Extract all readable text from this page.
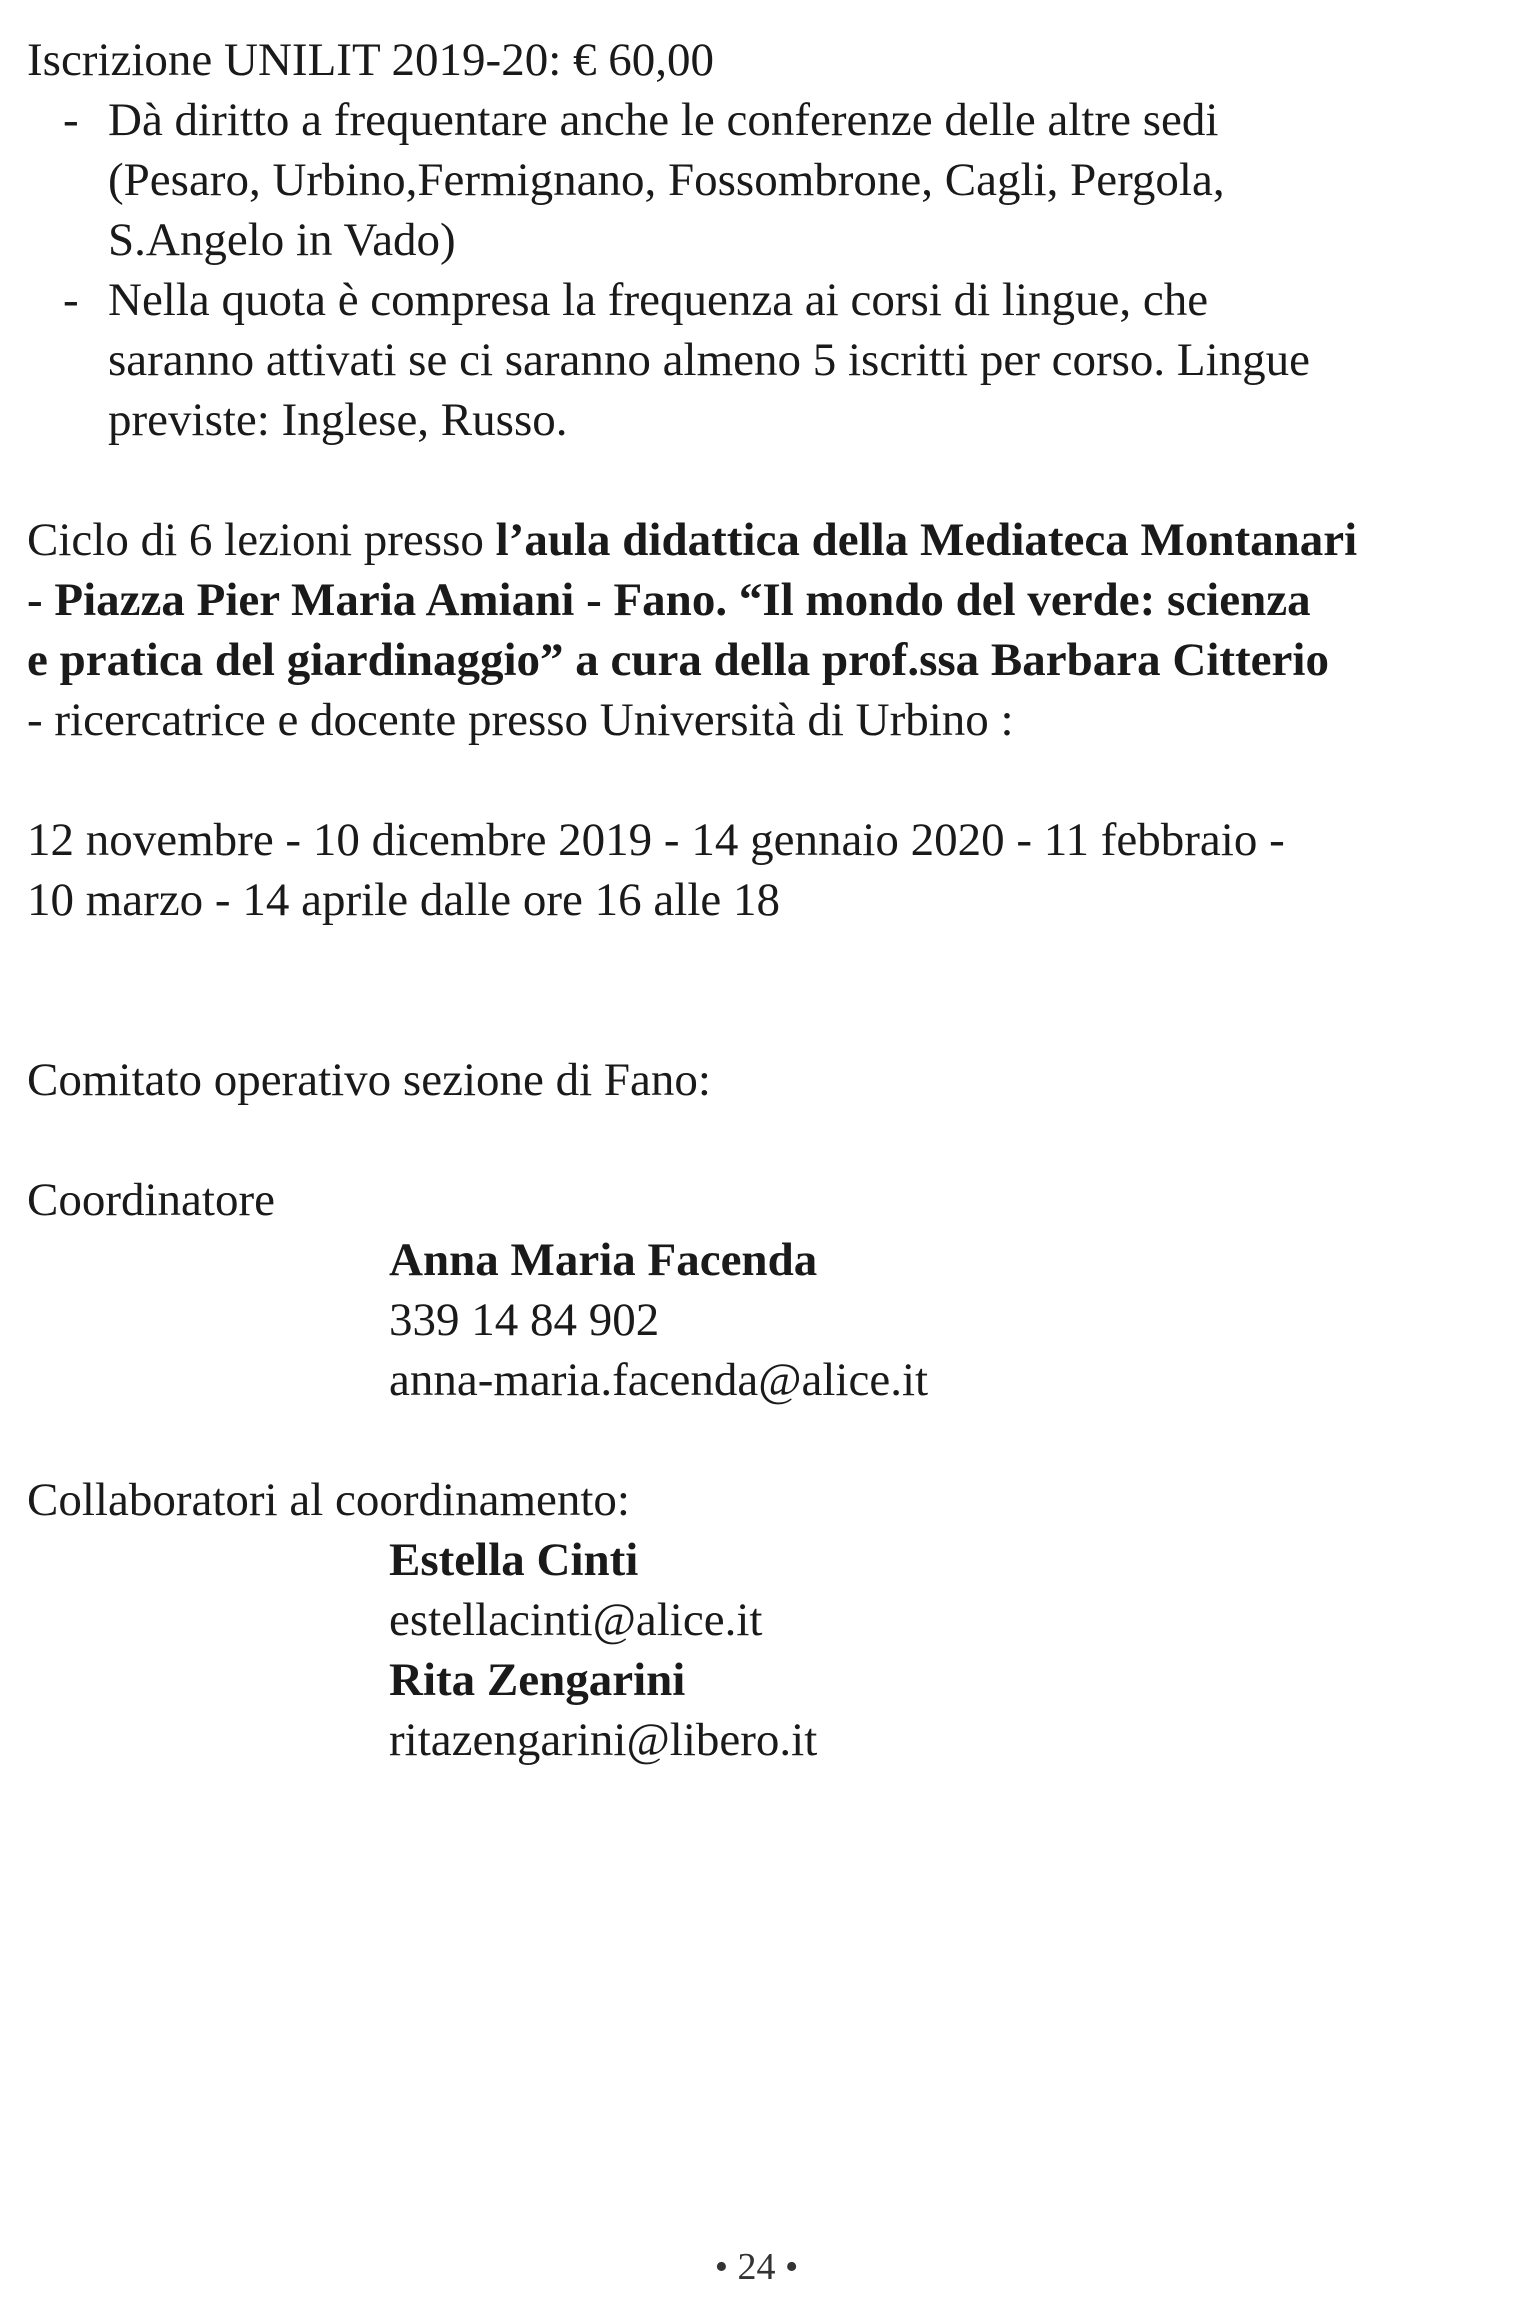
Iscrizione UNILIT 2019-20: € 60,00
- Dà diritto a frequentare anche le conferenze delle altre sedi
(Pesaro, Urbino,Fermignano, Fossombrone, Cagli, Pergola,
S.Angelo in Vado)
- Nella quota è compresa la frequenza ai corsi di lingue, che
saranno attivati se ci saranno almeno 5 iscritti per corso. Lingue
previste: Inglese, Russo.
Ciclo di 6 lezioni presso l’aula didattica della Mediateca Montanari
- Piazza Pier Maria Amiani - Fano. “Il mondo del verde: scienza
e pratica del giardinaggio” a cura della prof.ssa Barbara Citterio
- ricercatrice e docente presso Università di Urbino :
12 novembre - 10 dicembre 2019 - 14 gennaio 2020 - 11 febbraio -
10 marzo - 14 aprile dalle ore 16 alle 18
Comitato operativo sezione di Fano:
Coordinatore
Anna Maria Facenda
339 14 84 902
anna-maria.facenda@alice.it
Collaboratori al coordinamento:
Estella Cinti
estellacinti@alice.it
Rita Zengarini
ritazengarini@libero.it
• 24 •
